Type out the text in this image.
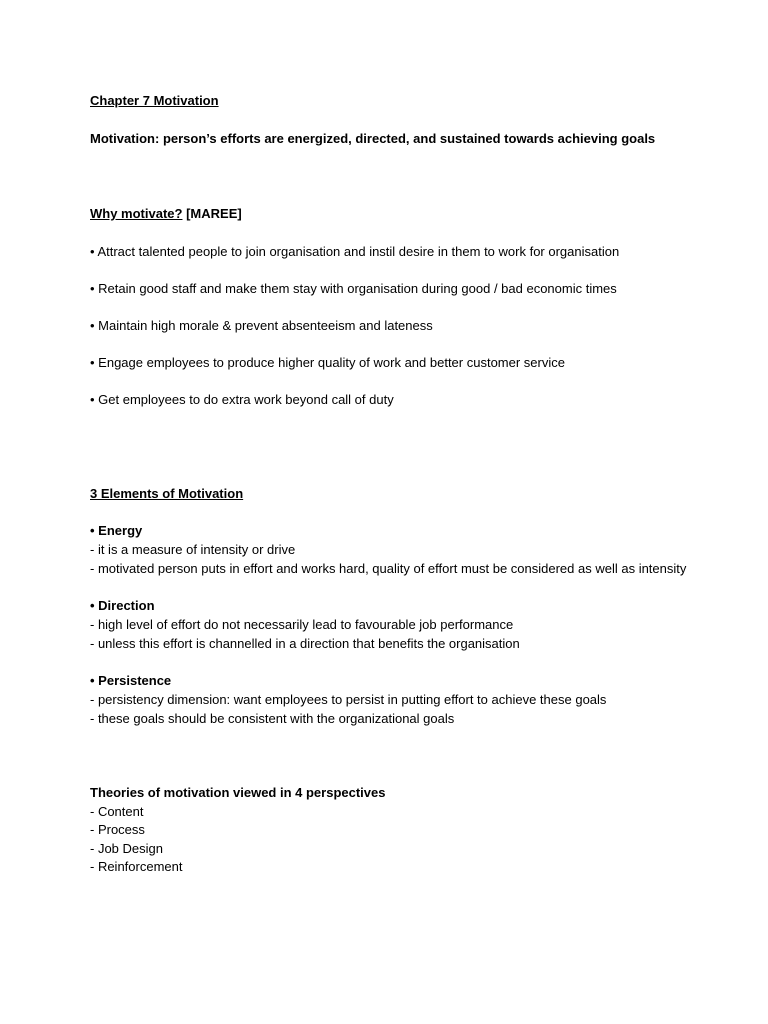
Chapter 7 Motivation
Motivation: person’s efforts are energized, directed, and sustained towards achieving goals
Why motivate? [MAREE]
• Attract talented people to join organisation and instil desire in them to work for organisation
• Retain good staff and make them stay with organisation during good / bad economic times
• Maintain high morale & prevent absenteeism and lateness
• Engage employees to produce higher quality of work and better customer service
• Get employees to do extra work beyond call of duty
3 Elements of Motivation
• Energy
- it is a measure of intensity or drive
- motivated person puts in effort and works hard, quality of effort must be considered as well as intensity
• Direction
- high level of effort do not necessarily lead to favourable job performance
- unless this effort is channelled in a direction that benefits the organisation
• Persistence
- persistency dimension: want employees to persist in putting effort to achieve these goals
- these goals should be consistent with the organizational goals
Theories of motivation viewed in 4 perspectives
- Content
- Process
- Job Design
- Reinforcement
